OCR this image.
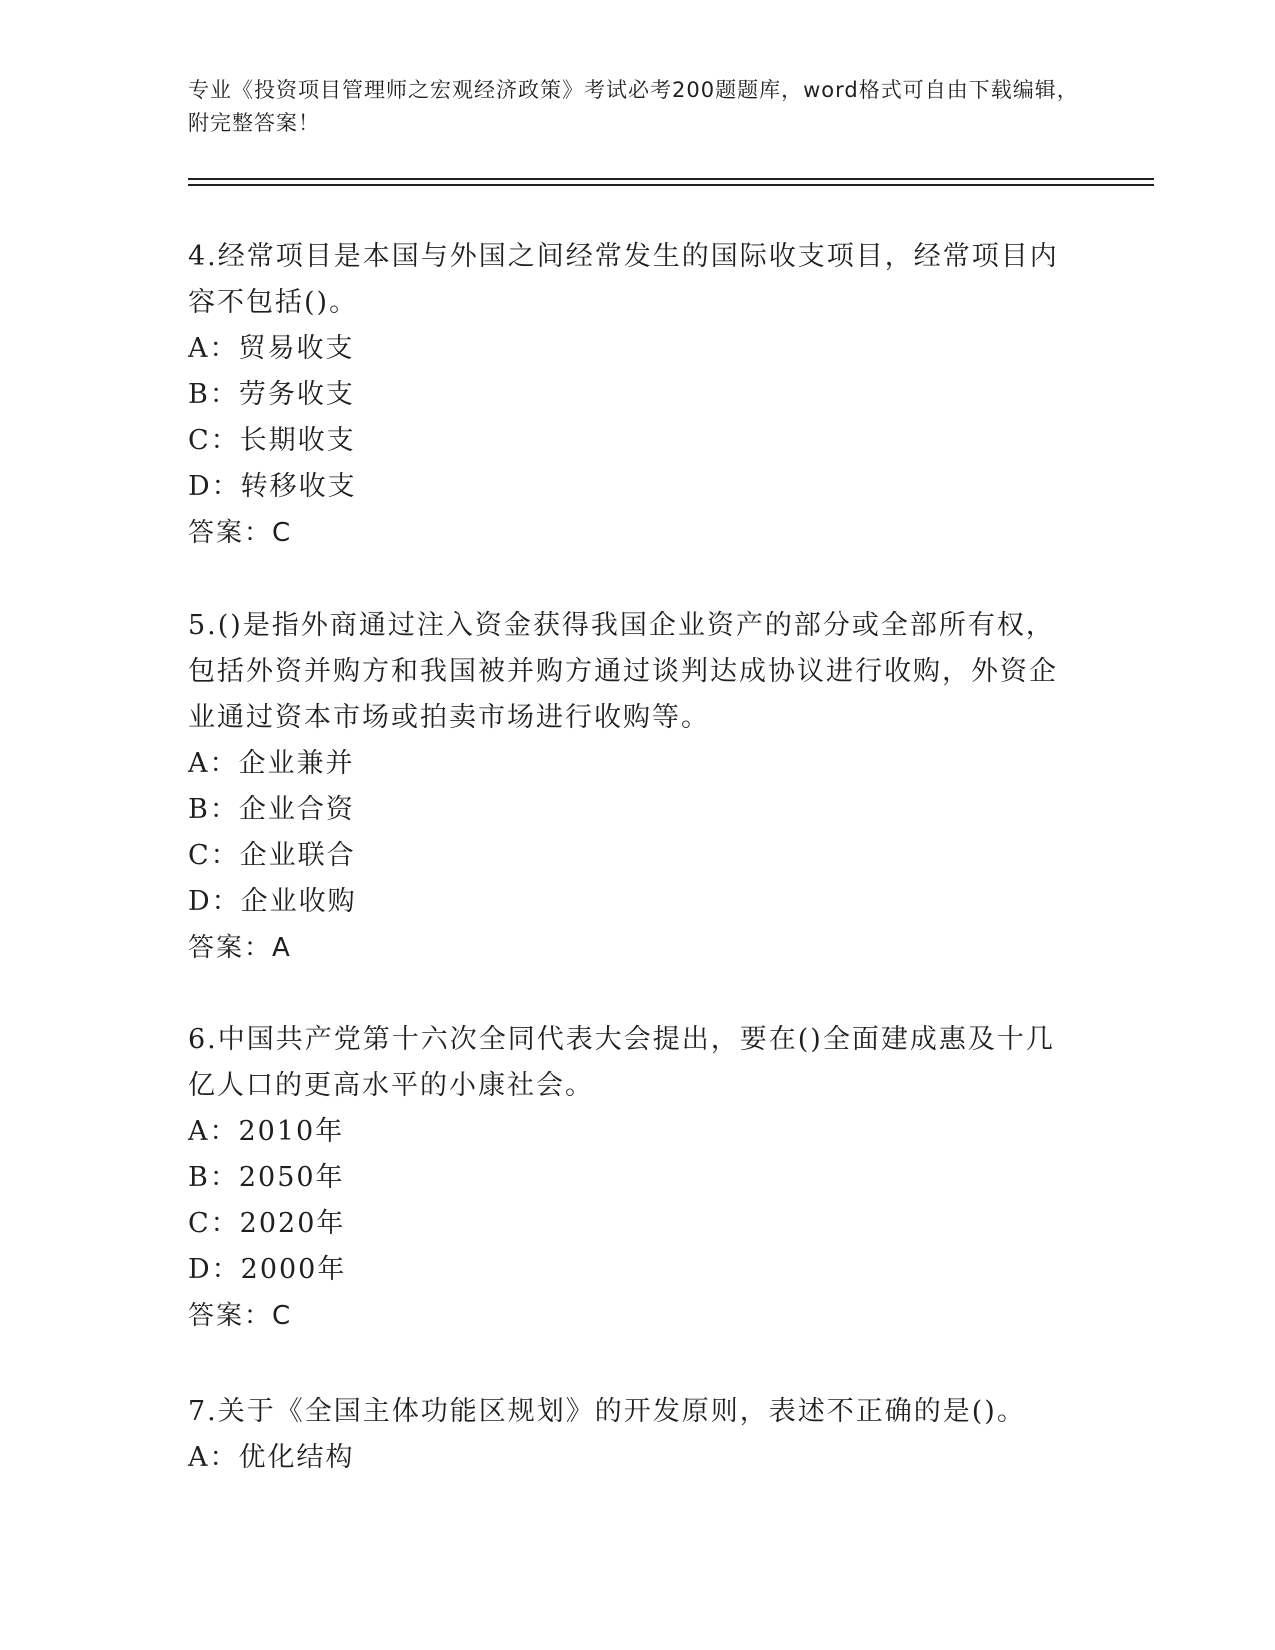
专业《投资项目管理师之宏观经济政策》考试必考200题题库，word格式可自由下载编辑，附完整答案！

4.经常项目是本国与外国之间经常发生的国际收支项目，经常项目内容不包括()。

A：贸易收支

B：劳务收支

C：长期收支

D：转移收支

答案：C

5.()是指外商通过注入资金获得我国企业资产的部分或全部所有权，包括外资并购方和我国被并购方通过谈判达成协议进行收购，外资企业通过资本市场或拍卖市场进行收购等。

A：企业兼并

B：企业合资

C：企业联合

D：企业收购

答案：A

6.中国共产党第十六次全同代表大会提出，要在()全面建成惠及十几亿人口的更高水平的小康社会。

A：2010年

B：2050年

C：2020年

D：2000年

答案：C

7.关于《全国主体功能区规划》的开发原则，表述不正确的是()。

A：优化结构
